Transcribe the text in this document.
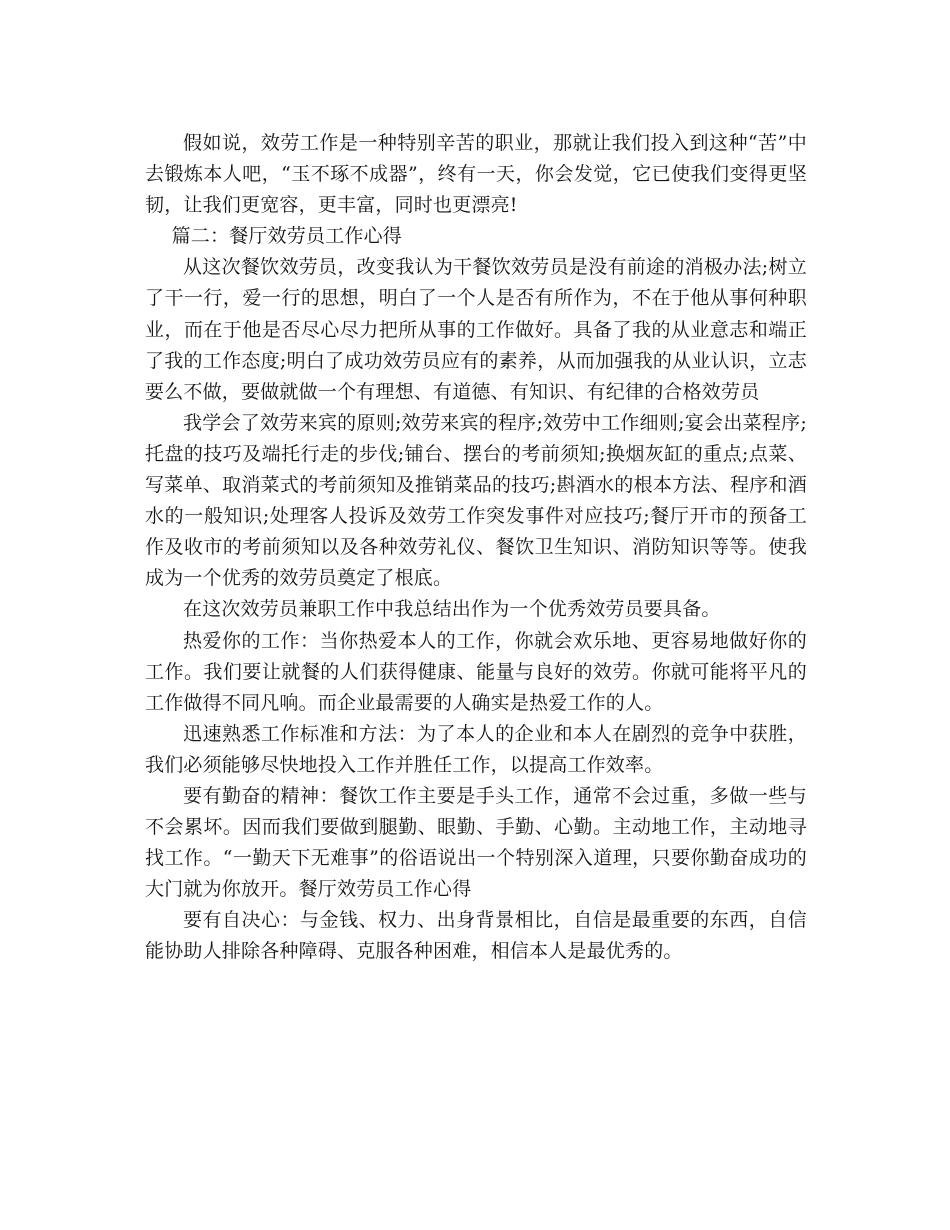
假如说，效劳工作是一种特别辛苦的职业，那就让我们投入到这种“苦”中去锻炼本人吧，“玉不琢不成器”，终有一天，你会发觉，它已使我们变得更坚韧，让我们更宽容，更丰富，同时也更漂亮!

篇二：餐厅效劳员工作心得

从这次餐饮效劳员，改变我认为干餐饮效劳员是没有前途的消极办法;树立了干一行，爱一行的思想，明白了一个人是否有所作为，不在于他从事何种职业，而在于他是否尽心尽力把所从事的工作做好。具备了我的从业意志和端正了我的工作态度;明白了成功效劳员应有的素养，从而加强我的从业认识，立志要么不做，要做就做一个有理想、有道德、有知识、有纪律的合格效劳员

我学会了效劳来宾的原则;效劳来宾的程序;效劳中工作细则;宴会出菜程序;托盘的技巧及端托行走的步伐;铺台、摆台的考前须知;换烟灰缸的重点;点菜、写菜单、取消菜式的考前须知及推销菜品的技巧;斟酒水的根本方法、程序和酒水的一般知识;处理客人投诉及效劳工作突发事件对应技巧;餐厅开市的预备工作及收市的考前须知以及各种效劳礼仪、餐饮卫生知识、消防知识等等。使我成为一个优秀的效劳员奠定了根底。

在这次效劳员兼职工作中我总结出作为一个优秀效劳员要具备。

热爱你的工作：当你热爱本人的工作，你就会欢乐地、更容易地做好你的工作。我们要让就餐的人们获得健康、能量与良好的效劳。你就可能将平凡的工作做得不同凡响。而企业最需要的人确实是热爱工作的人。

迅速熟悉工作标准和方法：为了本人的企业和本人在剧烈的竞争中获胜，我们必须能够尽快地投入工作并胜任工作，以提高工作效率。

要有勤奋的精神：餐饮工作主要是手头工作，通常不会过重，多做一些与不会累坏。因而我们要做到腿勤、眼勤、手勤、心勤。主动地工作，主动地寻找工作。“一勤天下无难事”的俗语说出一个特别深入道理，只要你勤奋成功的大门就为你放开。餐厅效劳员工作心得

要有自决心：与金钱、权力、出身背景相比，自信是最重要的东西，自信能协助人排除各种障碍、克服各种困难，相信本人是最优秀的。
